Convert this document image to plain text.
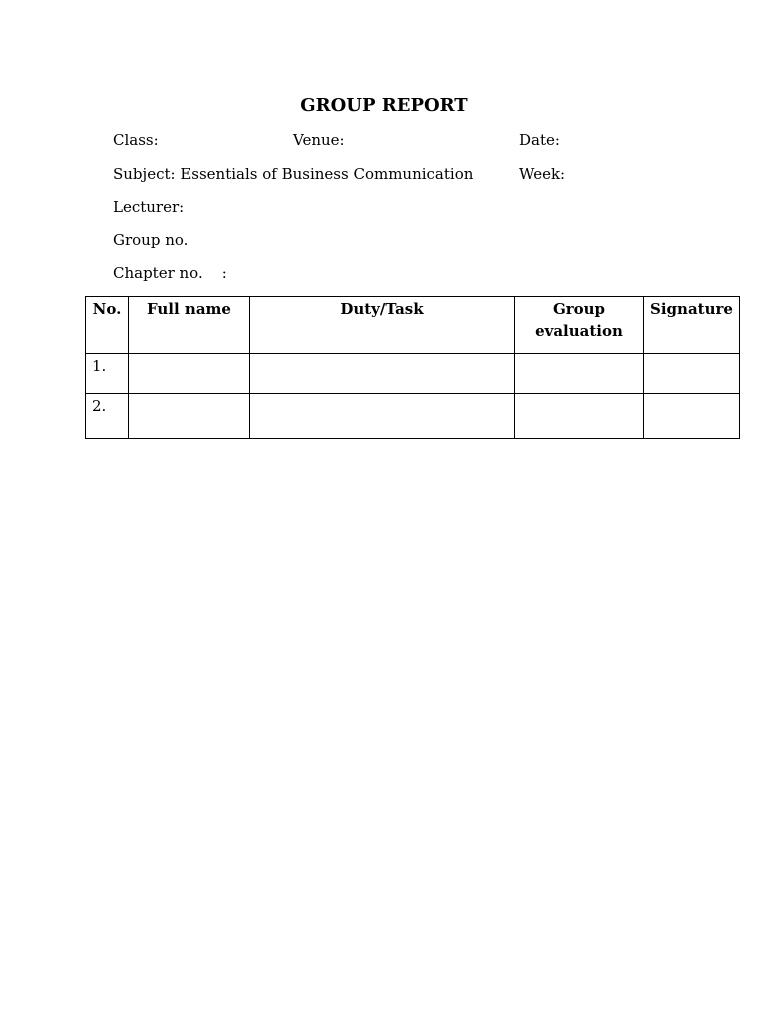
GROUP REPORT
Class:	Venue:	Date:
Subject: Essentials of Business Communication	Week:
Lecturer:
Group no.
Chapter no.    :
No.	Full name	Duty/Task	Group evaluation	Signature
1.				
2.				
